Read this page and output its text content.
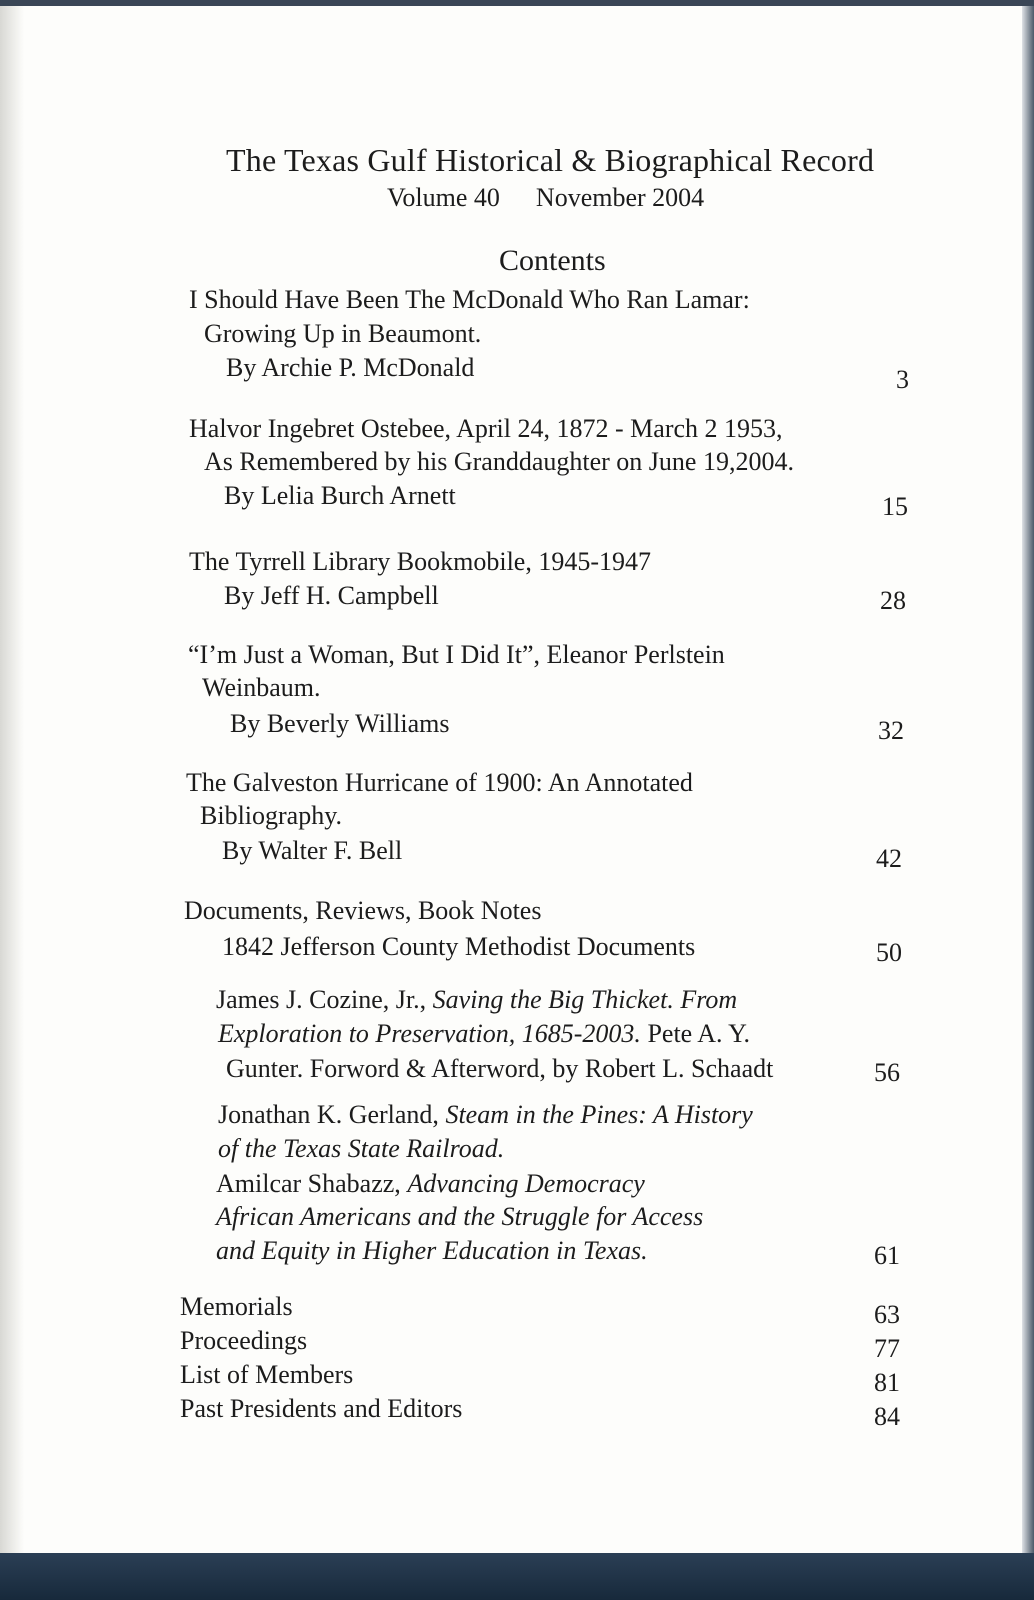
The Texas Gulf Historical & Biographical Record
Volume 40 November 2004
Contents
I Should Have Been The McDonald Who Ran Lamar:
Growing Up in Beaumont.
By Archie P. McDonald	3
Halvor Ingebret Ostebee, April 24, 1872 - March 2 1953,
As Remembered by his Granddaughter on June 19,2004.
By Lelia Burch Arnett	15
The Tyrrell Library Bookmobile, 1945-1947
By Jeff H. Campbell	28
“I’m Just a Woman, But I Did It”, Eleanor Perlstein
Weinbaum.
By Beverly Williams	32
The Galveston Hurricane of 1900: An Annotated
Bibliography.
By Walter F. Bell	42
Documents, Reviews, Book Notes
1842 Jefferson County Methodist Documents	50
James J. Cozine, Jr., Saving the Big Thicket. From
Exploration to Preservation, 1685-2003. Pete A. Y.
Gunter. Forword & Afterword, by Robert L. Schaadt	56
Jonathan K. Gerland, Steam in the Pines: A History
of the Texas State Railroad.
Amilcar Shabazz, Advancing Democracy
African Americans and the Struggle for Access
and Equity in Higher Education in Texas.	61
Memorials	63
Proceedings	77
List of Members	81
Past Presidents and Editors	84
